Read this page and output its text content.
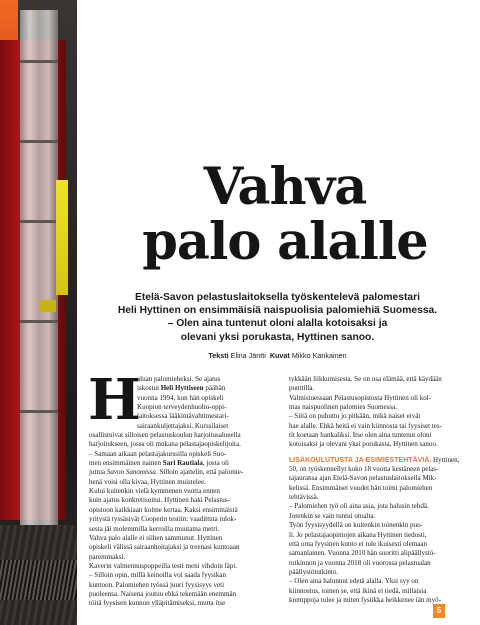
Vahva
palo alalle

Etelä-Savon pelastuslaitoksella työskentelevä palomestari
Heli Hyttinen on ensimmäisiä naispuolisia palomiehiä Suomessa.
– Olen aina tuntenut oloni alalla kotoisaksi ja
olevani yksi porukasta, Hyttinen sanoo.

Teksti Elina Jäntti Kuvat Mikko Kankainen
H
aluan palomieheksi. Se ajatus
iskostui Heli Hyttiseen päähän
vuonna 1994, kun hän opiskeli
Kuopion terveydenhuolto-oppi-
laitoksessa lääkintävahtimestari-
sairaankuljettajaksi. Kurssilaiset
osallistuivat silloisen pelastuskoulun harjoitusalueella
harjoitukseen, jossa oli mukana pelastajaopiskelijoita.
– Samaan aikaan pelastajakurssilla opiskeli Suo-
men ensimmäinen nainen Sari Rautiala, josta oli
juttua Savon Sanomissa. Silloin ajattelin, että palomie-
henä voisi olla kivaa, Hyttinen muistelee.
Kului kuitenkin vielä kymmenen vuotta ennen
kuin ajatus konkretisoitui. Hyttinen haki Pelastus-
opistoon kaikkiaan kolme kertaa. Kaksi ensimmäistä
yritystä tyssäsivät Cooperin testiin: vaadittuta tulok-
sesta jäi molemmilla kerroilla muutama metri.
Vahva palo alalle ei siihen sammunut. Hyttinen
opiskeli välissä sairaanhoitajaksi ja treenasi kuntoaan
paremmaksi.
Kaverin valmennuspoppeilla testi meni vihdoin läpi.
– Silloin opin, millä keinoilla voi saada fyysikan
kuntoon. Palomiehen työssä juuri fyysisyys veti
puoleensa. Naisena joutuu ehkä tekemään enemmän
töitä fyysisen kunnon ylläpitämiseksi, mutta itse
tykkään liikkumisesta. Se on osa elämää, että käydään
punttilla.
Valmistuessaan Pelastusopistosta Hyttinen oli kol-
mas naispuolinen palomies Suomessa.
– Siitä on puhuttu jo pitkään, mikä naiset eivät
hae alalle. Ehkä heitä ei vain kiinnosta tai fyysiset tes-
tit koetaan hankaliksi. Itse olen aina tuntenut oloni
kotoisaksi ja olevani yksi porukasta, Hyttinen sanoo.
LISÄKOULUTUSTA JA ESIMIESTEHTÄVIÄ. Hyttinen,
50, on työskennellyt koko 18 vuotta kestäneen pelas-
tajauransa ajan Etelä-Savon pelastuslaitoksella Mik-
kelissä. Ensimmäiset vuodet hän toimi palomiehen
tehtävissä.
– Palomiehen työ oli aina asia, jota halusin tehdä.
Jotenkin se vain tuntui omalta.
Työn fyysisyydellä on kuitenkin toinenkin puo-
li. Jo pelastajaopintojen aikana Hyttinen tiedosti,
että oma fyysinen kunto ei tule ikuisesti olemaan
samanlainen. Vuonna 2010 hän suoritti alipäällystö-
tutkinnon ja vuonna 2018 oli vuorossa pelastualan
päällystötutkinto.
– Olen aina halunnut edetä alalla. Yksi syy on
kiinnostus, toinen se, että ikinä ei tiedä, millaisia
kremppoja tulee ja miten fysiikka heikkenee iän myö-
5
